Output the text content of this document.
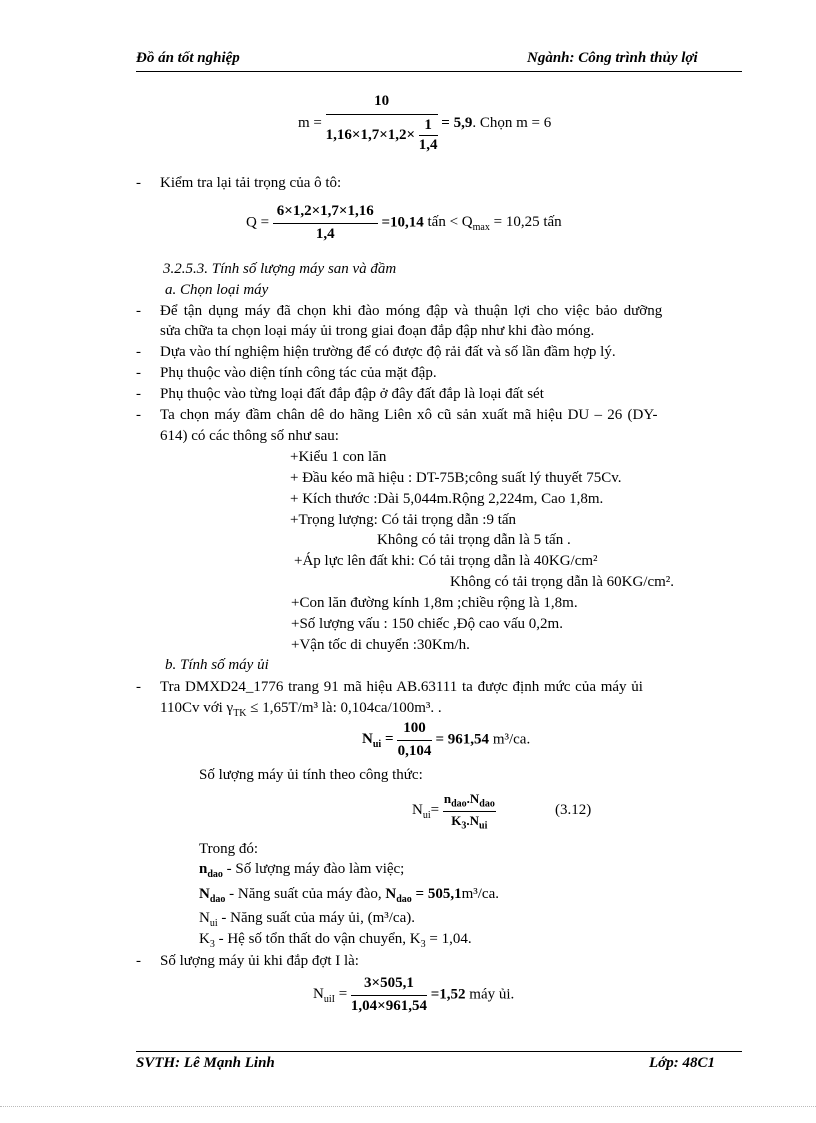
Đồ án tốt nghiệp	Ngành: Công trình thủy lợi
$m = \frac{10}{1,16\times 1,7\times 1,2\times \frac{1}{1,4}} = 5,9$. Chọn m = 6
- Kiểm tra lại tải trọng của ô tô:
$Q = \frac{6\times 1,2\times 1,7\times 1,16}{1,4} =10,14$ tấn < $Q_{max} = 10,25$ tấn
3.2.5.3. Tính số lượng máy san và đầm
a. Chọn loại máy
- Để tận dụng máy đã chọn khi đào móng đập và thuận lợi cho việc bảo dưỡng
sửa chữa ta chọn loại máy ủi trong giai đoạn đắp đập như khi đào móng.
- Dựa vào thí nghiệm hiện trường để có được độ rải đất và số lần đầm hợp lý.
- Phụ thuộc vào diện tính công tác của mặt đập.
- Phụ thuộc vào từng loại đất đắp đập ở đây đất đắp là loại đất sét
- Ta chọn máy đầm chân dê do hãng Liên xô cũ sản xuất mã hiệu DU – 26 (DY-
614) có các thông số như sau:
+Kiểu 1 con lăn
+ Đầu kéo mã hiệu : DT-75B;công suất lý thuyết 75Cv.
+ Kích thước :Dài 5,044m.Rộng 2,224m, Cao 1,8m.
+Trọng lượng: Có tải trọng dẫn :9 tấn
Không có tải trọng dẫn là 5 tấn .
+Áp lực lên đất khi: Có tải trọng dẫn là 40KG/cm²
Không có tải trọng dẫn là 60KG/cm².
+Con lăn đường kính 1,8m ;chiều rộng là 1,8m.
+Số lượng vấu : 150 chiếc ,Độ cao vấu 0,2m.
+Vận tốc di chuyển :30Km/h.
b. Tính số máy ủi
- Tra DMXD24_1776 trang 91 mã hiệu AB.63111 ta được định mức của máy ủi
110Cv với $\gamma_{TK} \le 1,65T/m^3$ là: 0,104ca/100m³. .
$N_{ui} = \frac{100}{0,104} = 961,54$ m³/ca.
Số lượng máy ủi tính theo công thức:
$N_{ui}= \frac{n_{dao}.N_{dao}}{K_3.N_{ui}}$	(3.12)
Trong đó:
$n_{dao}$ - Số lượng máy đào làm việc;
$N_{dao}$ - Năng suất của máy đào, $N_{dao} = 505,1m^3/ca$.
$N_{ui}$ - Năng suất của máy ủi, (m³/ca).
$K_3$ - Hệ số tổn thất do vận chuyển, $K_3 = 1,04$.
- Số lượng máy ủi khi đắp đợt I là:
$N_{uiI} = \frac{3\times 505,1}{1,04\times 961,54} =1,52$ máy ủi.
SVTH: Lê Mạnh Linh	Lớp: 48C1
